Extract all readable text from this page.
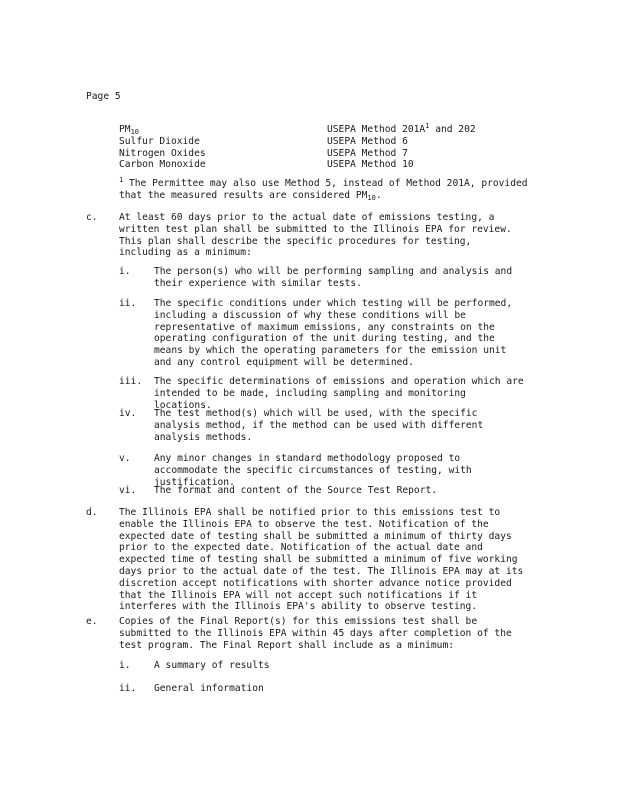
Page 5
$PM_{10}$	USEPA Method $201A^1$ and 202
Sulfur Dioxide	USEPA Method 6
Nitrogen Oxides	USEPA Method 7
Carbon Monoxide	USEPA Method 10
$^1$ The Permittee may also use Method 5, instead of Method 201A, provided that the measured results are considered $PM_{10}$.
c. At least 60 days prior to the actual date of emissions testing, a written test plan shall be submitted to the Illinois EPA for review. This plan shall describe the specific procedures for testing, including as a minimum:
i. The person(s) who will be performing sampling and analysis and their experience with similar tests.
ii. The specific conditions under which testing will be performed, including a discussion of why these conditions will be representative of maximum emissions, any constraints on the operating configuration of the unit during testing, and the means by which the operating parameters for the emission unit and any control equipment will be determined.
iii. The specific determinations of emissions and operation which are intended to be made, including sampling and monitoring locations.
iv. The test method(s) which will be used, with the specific analysis method, if the method can be used with different analysis methods.
v. Any minor changes in standard methodology proposed to accommodate the specific circumstances of testing, with justification.
vi. The format and content of the Source Test Report.
d. The Illinois EPA shall be notified prior to this emissions test to enable the Illinois EPA to observe the test. Notification of the expected date of testing shall be submitted a minimum of thirty days prior to the expected date. Notification of the actual date and expected time of testing shall be submitted a minimum of five working days prior to the actual date of the test. The Illinois EPA may at its discretion accept notifications with shorter advance notice provided that the Illinois EPA will not accept such notifications if it interferes with the Illinois EPA's ability to observe testing.
e. Copies of the Final Report(s) for this emissions test shall be submitted to the Illinois EPA within 45 days after completion of the test program. The Final Report shall include as a minimum:
i. A summary of results
ii. General information
